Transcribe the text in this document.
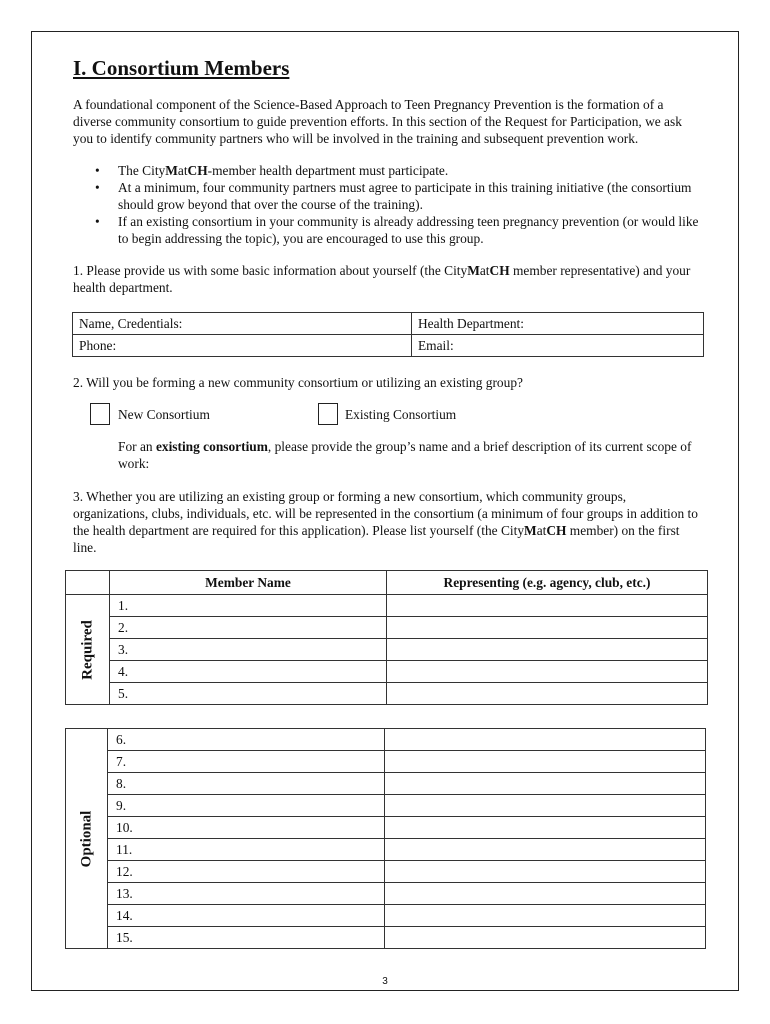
I. Consortium Members

A foundational component of the Science-Based Approach to Teen Pregnancy Prevention is the formation of a diverse community consortium to guide prevention efforts. In this section of the Request for Participation, we ask you to identify community partners who will be involved in the training and subsequent prevention work.

• The CityMatCH-member health department must participate.
• At a minimum, four community partners must agree to participate in this training initiative (the consortium should grow beyond that over the course of the training).
• If an existing consortium in your community is already addressing teen pregnancy prevention (or would like to begin addressing the topic), you are encouraged to use this group.

1. Please provide us with some basic information about yourself (the CityMatCH member representative) and your health department.

Name, Credentials:	Health Department:
Phone:	Email:

2. Will you be forming a new community consortium or utilizing an existing group?

New Consortium	Existing Consortium

For an existing consortium, please provide the group’s name and a brief description of its current scope of work:

3. Whether you are utilizing an existing group or forming a new consortium, which community groups, organizations, clubs, individuals, etc. will be represented in the consortium (a minimum of four groups in addition to the health department are required for this application). Please list yourself (the CityMatCH member) on the first line.

	Member Name	Representing (e.g. agency, club, etc.)

Required	1.	
	2.	
	3.	
	4.	
	5.	
Optional	6.	
	7.	
	8.	
	9.	
	10.	
	11.	
	12.	
	13.	
	14.	
	15.	
3
